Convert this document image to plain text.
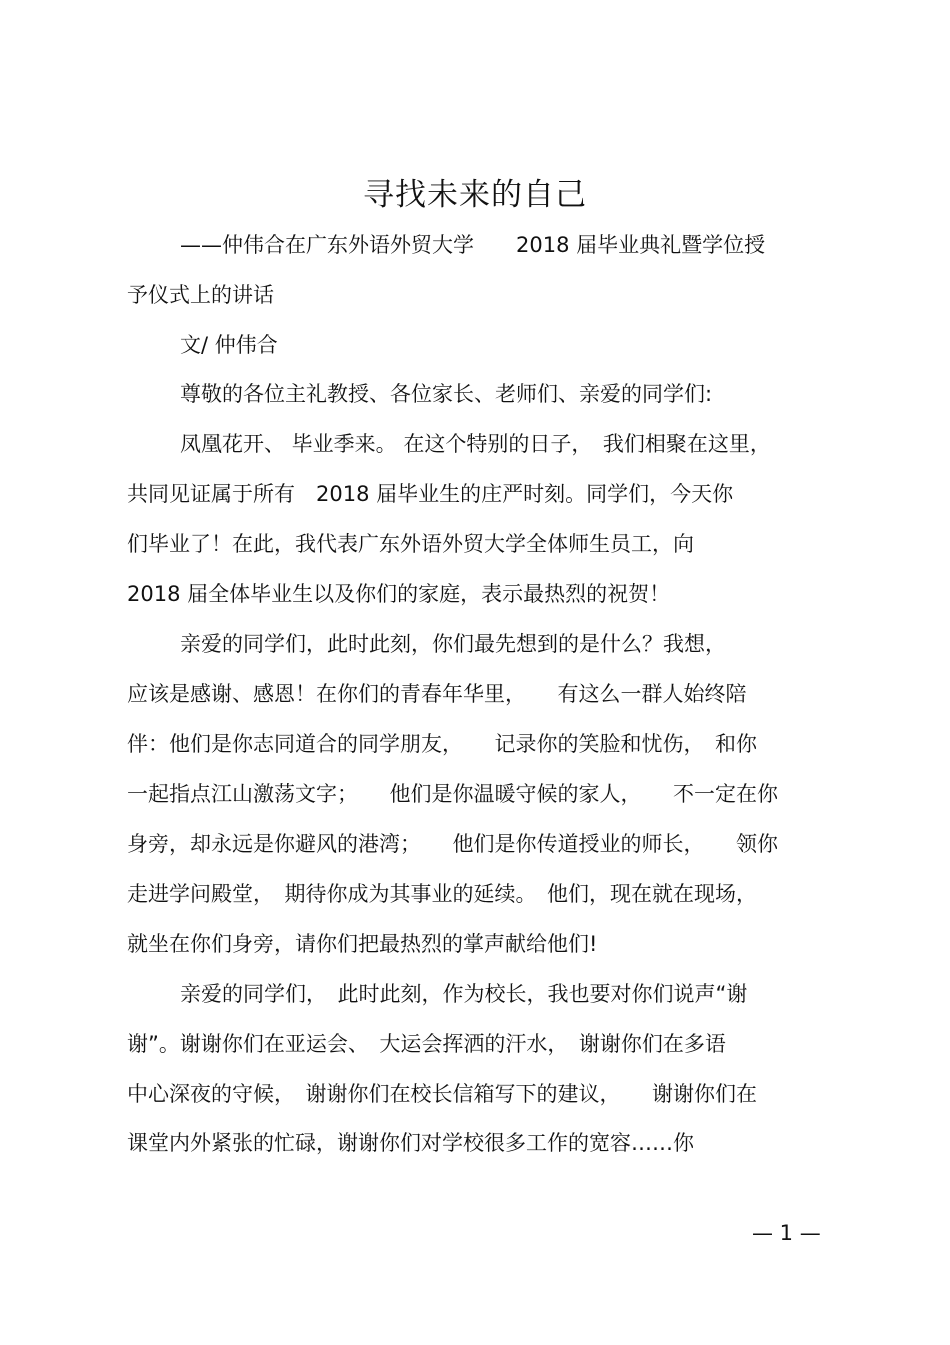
寻找未来的自己
——仲伟合在广东外语外贸大学　　2018 届毕业典礼暨学位授
予仪式上的讲话
文/ 仲伟合
尊敬的各位主礼教授、各位家长、老师们、亲爱的同学们:
凤凰花开、 毕业季来。 在这个特别的日子，　我们相聚在这里，
共同见证属于所有　2018 届毕业生的庄严时刻。同学们，今天你
们毕业了！在此，我代表广东外语外贸大学全体师生员工，向
2018 届全体毕业生以及你们的家庭，表示最热烈的祝贺！
亲爱的同学们，此时此刻，你们最先想到的是什么？我想，
应该是感谢、感恩！在你们的青春年华里，　　有这么一群人始终陪
伴：他们是你志同道合的同学朋友，　　记录你的笑脸和忧伤，　和你
一起指点江山激荡文字；　　他们是你温暖守候的家人，　　不一定在你
身旁，却永远是你避风的港湾；　　他们是你传道授业的师长，　　领你
走进学问殿堂，　期待你成为其事业的延续。　他们，现在就在现场，
就坐在你们身旁，请你们把最热烈的掌声献给他们!
亲爱的同学们，　此时此刻，作为校长，我也要对你们说声“谢
谢”。谢谢你们在亚运会、　大运会挥洒的汗水，　谢谢你们在多语
中心深夜的守候，　谢谢你们在校长信箱写下的建议，　　谢谢你们在
课堂内外紧张的忙碌，谢谢你们对学校很多工作的宽容……你
— 1 —
